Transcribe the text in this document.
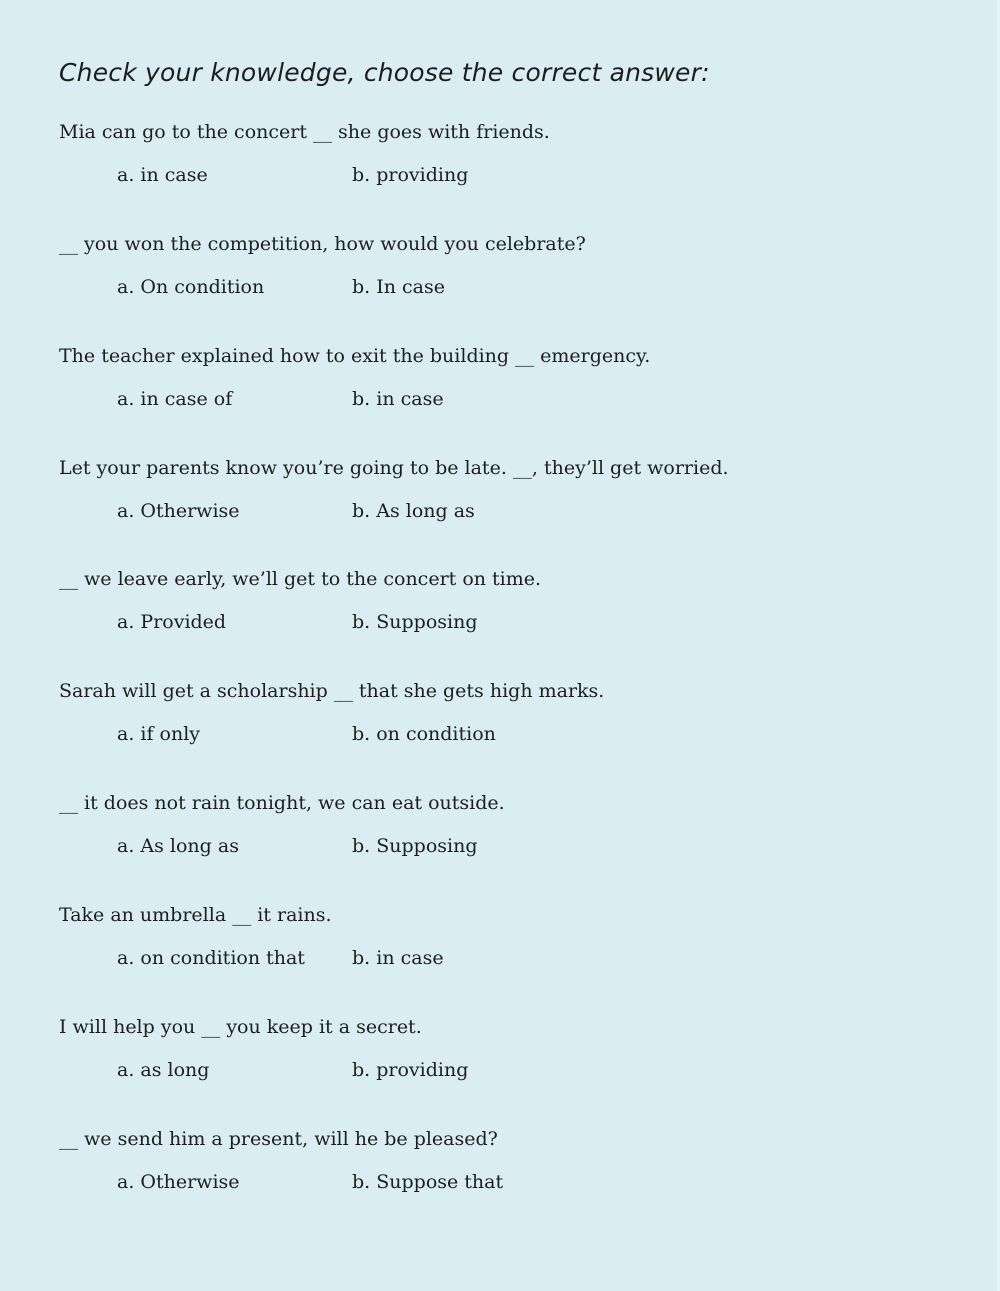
Check your knowledge, choose the correct answer:
Mia can go to the concert __ she goes with friends.
a. in case	b. providing
__ you won the competition, how would you celebrate?
a. On condition	b. In case
The teacher explained how to exit the building __ emergency.
a. in case of	b. in case
Let your parents know you’re going to be late. __, they’ll get worried.
a. Otherwise	b. As long as
__ we leave early, we’ll get to the concert on time.
a. Provided	b. Supposing
Sarah will get a scholarship __ that she gets high marks.
a. if only	b. on condition
__ it does not rain tonight, we can eat outside.
a. As long as	b. Supposing
Take an umbrella __ it rains.
a. on condition that b. in case
I will help you __ you keep it a secret.
a. as long	b. providing
__ we send him a present, will he be pleased?
a. Otherwise	b. Suppose that
